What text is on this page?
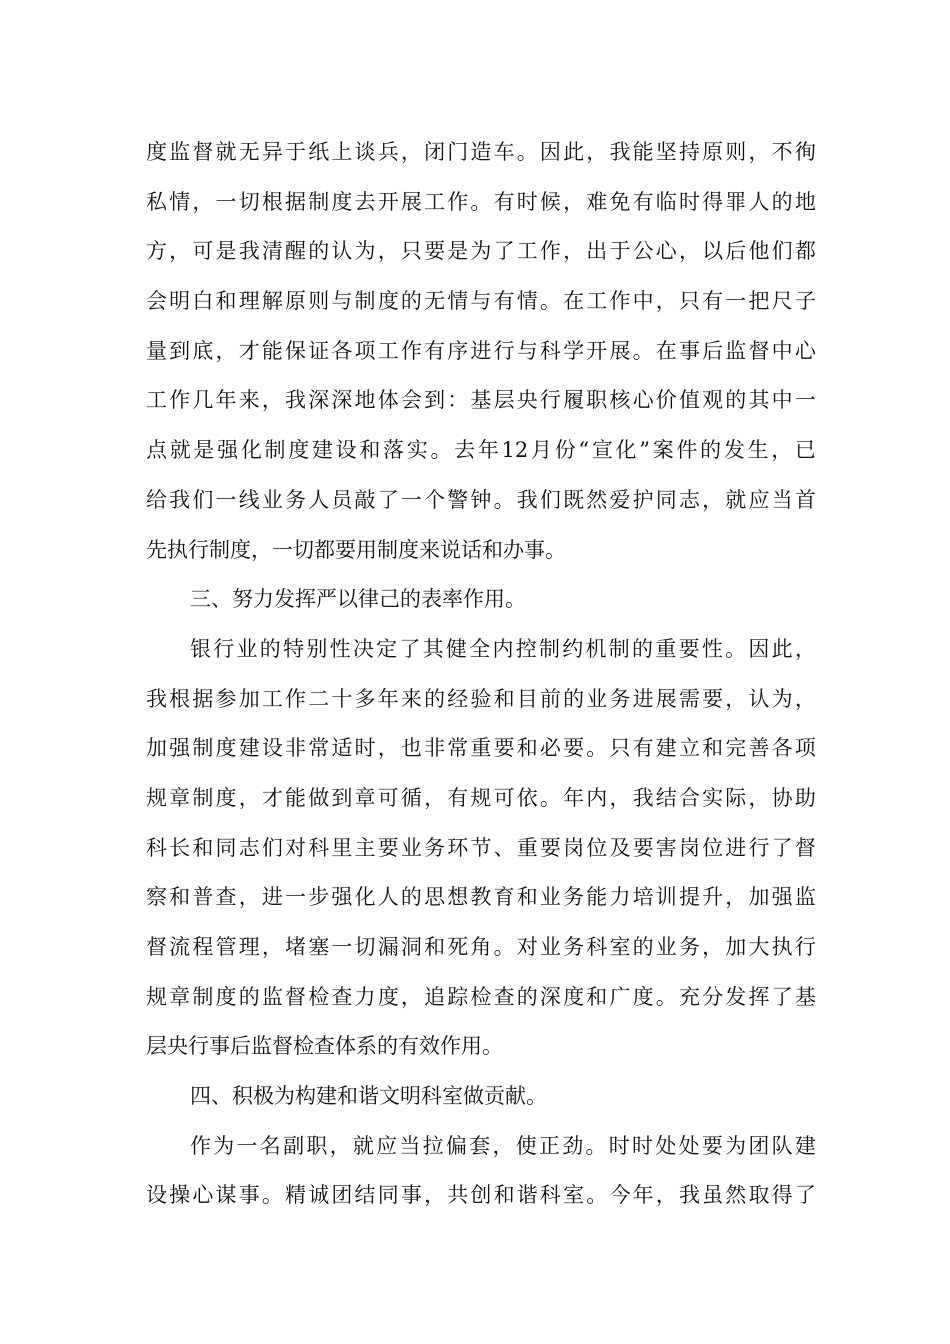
度 监 督 就 无 异 于 纸 上 谈 兵 ， 闭 门 造 车 。 因 此 ， 我 能 坚 持 原 则 ， 不 徇
私 情 ， 一 切 根 据 制 度 去 开 展 工 作 。 有 时 候 ， 难 免 有 临 时 得 罪 人 的 地
方 ， 可 是 我 清 醒 的 认 为 ， 只 要 是 为 了 工 作 ， 出 于 公 心 ， 以 后 他 们 都
会 明 白 和 理 解 原 则 与 制 度 的 无 情 与 有 情 。 在 工 作 中 ， 只 有 一 把 尺 子
量 到 底 ， 才 能 保 证 各 项 工 作 有 序 进 行 与 科 学 开 展 。 在 事 后 监 督 中 心
工 作 几 年 来 ， 我 深 深 地 体 会 到 ： 基 层 央 行 履 职 核 心 价 值 观 的 其 中 一
点 就 是 强 化 制 度 建 设 和 落 实 。 去 年 12 月 份 “ 宣 化 ” 案 件 的 发 生 ， 已
给 我 们 一 线 业 务 人 员 敲 了 一 个 警 钟 。 我 们 既 然 爱 护 同 志 ， 就 应 当 首
先执行制度，一切都要用制度来说话和办事。
三、努力发挥严以律己的表率作用。
银 行 业 的 特 别 性 决 定 了 其 健 全 内 控 制 约 机 制 的 重 要 性 。 因 此 ，
我 根 据 参 加 工 作 二 十 多 年 来 的 经 验 和 目 前 的 业 务 进 展 需 要 ， 认 为 ，
加 强 制 度 建 设 非 常 适 时 ， 也 非 常 重 要 和 必 要 。 只 有 建 立 和 完 善 各 项
规 章 制 度 ， 才 能 做 到 章 可 循 ， 有 规 可 依 。 年 内 ， 我 结 合 实 际 ， 协 助
科 长 和 同 志 们 对 科 里 主 要 业 务 环 节 、 重 要 岗 位 及 要 害 岗 位 进 行 了 督
察 和 普 查 ， 进 一 步 强 化 人 的 思 想 教 育 和 业 务 能 力 培 训 提 升 ， 加 强 监
督 流 程 管 理 ， 堵 塞 一 切 漏 洞 和 死 角 。 对 业 务 科 室 的 业 务 ， 加 大 执 行
规 章 制 度 的 监 督 检 查 力 度 ， 追 踪 检 查 的 深 度 和 广 度 。 充 分 发 挥 了 基
层央行事后监督检查体系的有效作用。
四、积极为构建和谐文明科室做贡献。
作 为 一 名 副 职 ， 就 应 当 拉 偏 套 ， 使 正 劲 。 时 时 处 处 要 为 团 队 建
设 操 心 谋 事 。 精 诚 团 结 同 事 ， 共 创 和 谐 科 室 。 今 年 ， 我 虽 然 取 得 了
